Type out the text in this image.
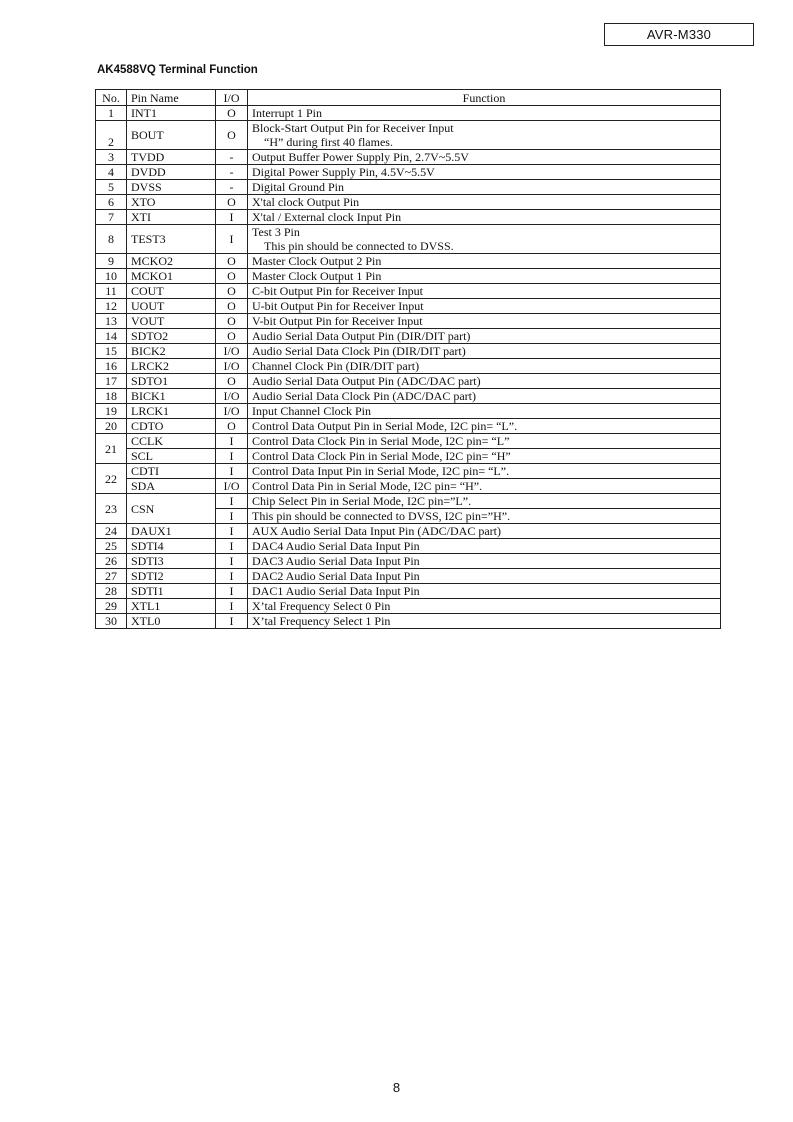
AVR-M330
AK4588VQ Terminal Function
No.	Pin Name	I/O	Function
1	INT1	O	Interrupt 1 Pin

2	BOUT	O	Block-Start Output Pin for Receiver Input
“H” during first 40 flames.

3	TVDD	-	Output Buffer Power Supply Pin, 2.7V~5.5V

4	DVDD	-	Digital Power Supply Pin, 4.5V~5.5V

5	DVSS	-	Digital Ground Pin

6	XTO	O	X'tal clock Output Pin

7	XTI	I	X'tal / External clock Input Pin

8	TEST3	I	Test 3 Pin
This pin should be connected to DVSS.

9	MCKO2	O	Master Clock Output 2 Pin

10	MCKO1	O	Master Clock Output 1 Pin

11	COUT	O	C-bit Output Pin for Receiver Input

12	UOUT	O	U-bit Output Pin for Receiver Input

13	VOUT	O	V-bit Output Pin for Receiver Input

14	SDTO2	O	Audio Serial Data Output Pin (DIR/DIT part)

15	BICK2	I/O	Audio Serial Data Clock Pin (DIR/DIT part)

16	LRCK2	I/O	Channel Clock Pin (DIR/DIT part)

17	SDTO1	O	Audio Serial Data Output Pin (ADC/DAC part)

18	BICK1	I/O	Audio Serial Data Clock Pin (ADC/DAC part)

19	LRCK1	I/O	Input Channel Clock Pin

20	CDTO	O	Control Data Output Pin in Serial Mode, I2C pin= “L”.

21	CCLK	I	Control Data Clock Pin in Serial Mode, I2C pin= “L”
	SCL	I	Control Data Clock Pin in Serial Mode, I2C pin= “H”
22	CDTI	I	Control Data Input Pin in Serial Mode, I2C pin= “L”.
	SDA	I/O	Control Data Pin in Serial Mode, I2C pin= “H”.
23	CSN	I	Chip Select Pin in Serial Mode, I2C pin=”L”.
		I	This pin should be connected to DVSS, I2C pin=”H”.
24	DAUX1	I	AUX Audio Serial Data Input Pin (ADC/DAC part)
25	SDTI4	I	DAC4 Audio Serial Data Input Pin
26	SDTI3	I	DAC3 Audio Serial Data Input Pin
27	SDTI2	I	DAC2 Audio Serial Data Input Pin
28	SDTI1	I	DAC1 Audio Serial Data Input Pin
29	XTL1	I	X’tal Frequency Select 0 Pin
30	XTL0	I	X’tal Frequency Select 1 Pin
8
